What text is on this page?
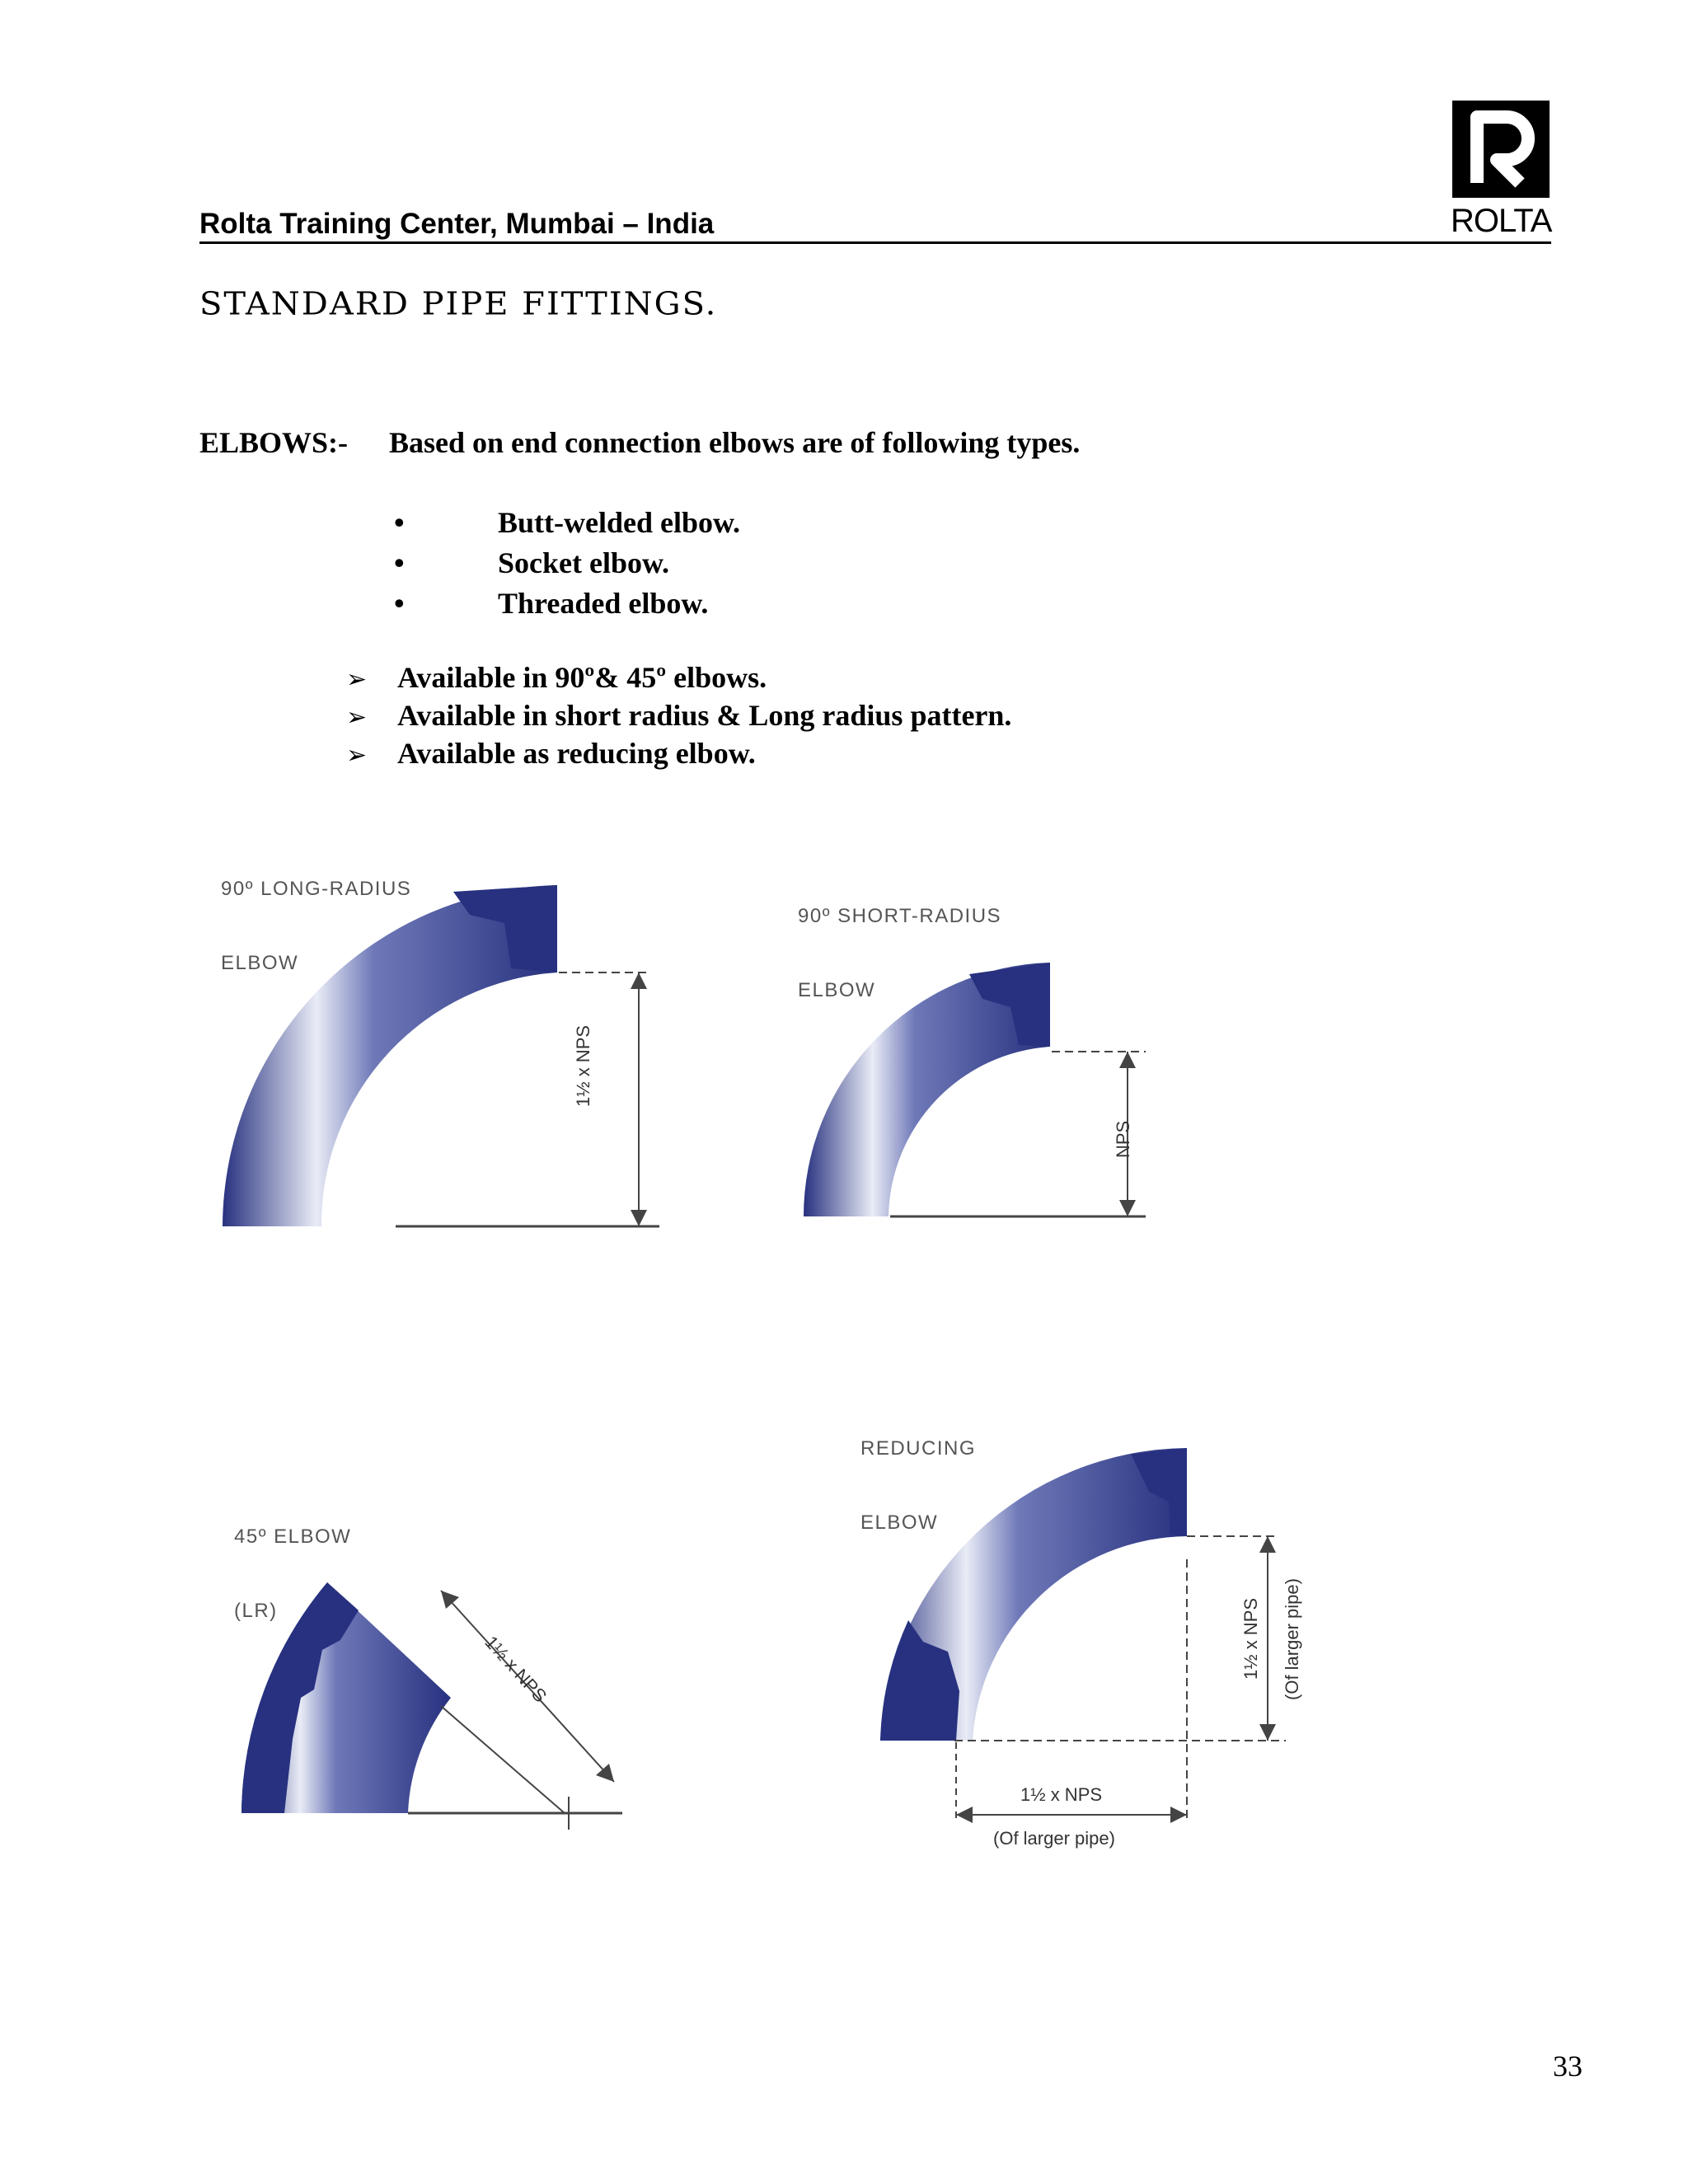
Rolta Training Center, Mumbai – India	ROLTA
STANDARD PIPE FITTINGS.
ELBOWS:- Based on end connection elbows are of following types.
•	Butt-welded elbow.
•	Socket elbow.
•	Threaded elbow.
➢ Available in 90º& 45º elbows.
➢ Available in short radius & Long radius pattern.
➢ Available as reducing elbow.

90º LONG-RADIUS

ELBOW

1½ x NPS

90º SHORT-RADIUS

ELBOW

NPS

45º ELBOW

(LR)

1½ x NPS

REDUCING

ELBOW

1½ x NPS (Of larger pipe)
1½ x NPS
(Of larger pipe)
33
